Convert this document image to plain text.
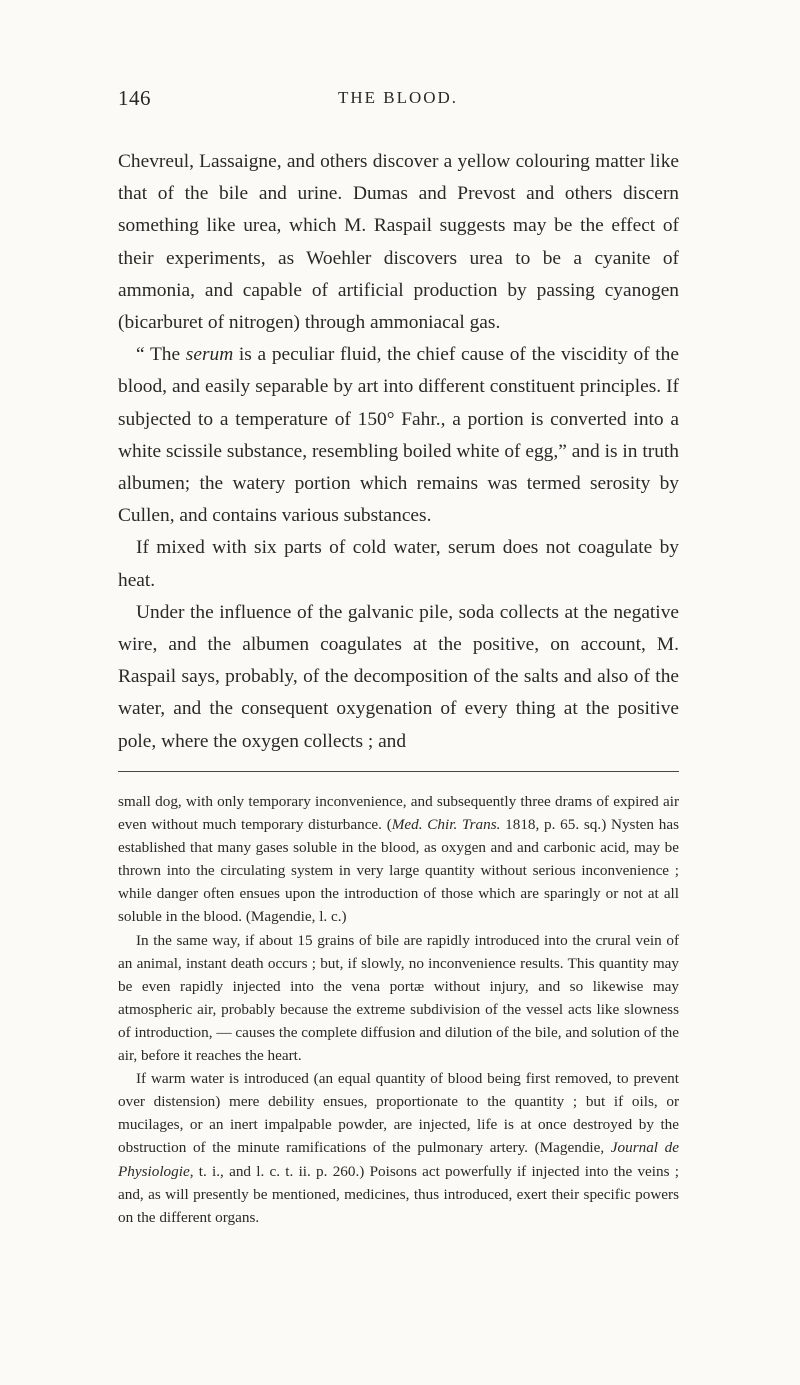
146	THE BLOOD.

Chevreul, Lassaigne, and others discover a yellow colouring matter like that of the bile and urine. Dumas and Prevost and others discern something like urea, which M. Raspail suggests may be the effect of their experiments, as Woehler discovers urea to be a cyanite of ammonia, and capable of artificial production by passing cyanogen (bicarburet of nitrogen) through ammoniacal gas.

“ The serum is a peculiar fluid, the chief cause of the viscidity of the blood, and easily separable by art into different constituent principles. If subjected to a temperature of 150° Fahr., a portion is converted into a white scissile substance, resembling boiled white of egg,” and is in truth albumen; the watery portion which remains was termed serosity by Cullen, and contains various substances.

If mixed with six parts of cold water, serum does not coagulate by heat.

Under the influence of the galvanic pile, soda collects at the negative wire, and the albumen coagulates at the positive, on account, M. Raspail says, probably, of the decomposition of the salts and also of the water, and the consequent oxygenation of every thing at the positive pole, where the oxygen collects ; and

small dog, with only temporary inconvenience, and subsequently three drams of expired air even without much temporary disturbance. (Med. Chir. Trans. 1818, p. 65. sq.) Nysten has established that many gases soluble in the blood, as oxygen and and carbonic acid, may be thrown into the circulating system in very large quantity without serious inconvenience ; while danger often ensues upon the introduction of those which are sparingly or not at all soluble in the blood. (Magendie, l. c.)

In the same way, if about 15 grains of bile are rapidly introduced into the crural vein of an animal, instant death occurs ; but, if slowly, no inconvenience results. This quantity may be even rapidly injected into the vena portæ without injury, and so likewise may atmospheric air, probably because the extreme subdivision of the vessel acts like slowness of introduction, — causes the complete diffusion and dilution of the bile, and solution of the air, before it reaches the heart.

If warm water is introduced (an equal quantity of blood being first removed, to prevent over distension) mere debility ensues, proportionate to the quantity ; but if oils, or mucilages, or an inert impalpable powder, are injected, life is at once destroyed by the obstruction of the minute ramifications of the pulmonary artery. (Magendie, Journal de Physiologie, t. i., and l. c. t. ii. p. 260.) Poisons act powerfully if injected into the veins ; and, as will presently be mentioned, medicines, thus introduced, exert their specific powers on the different organs.
